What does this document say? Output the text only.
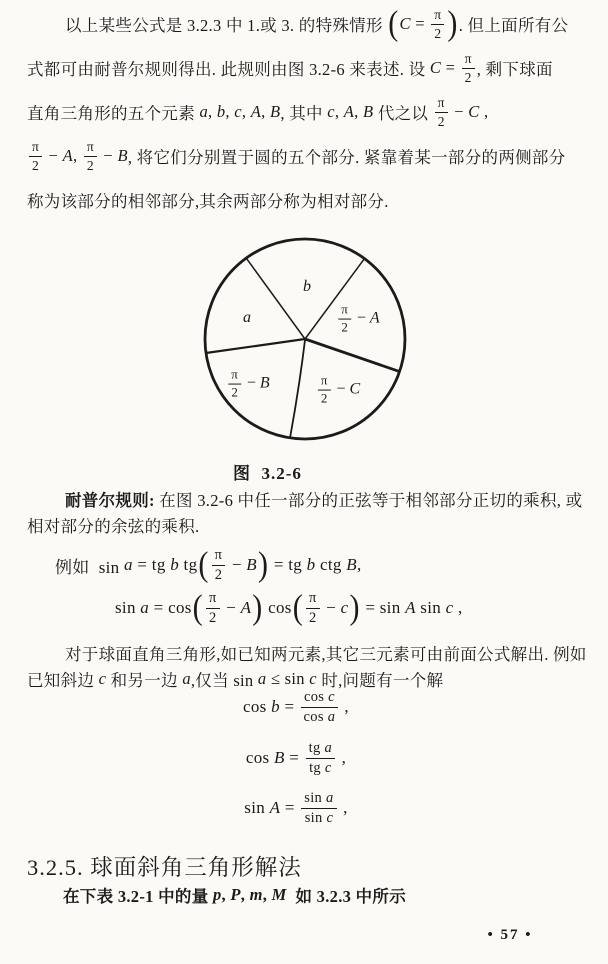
以上某些公式是 3.2.3 中 1.或 3. 的特殊情形 ( $C = \frac{\pi}{2}$ ) . 但上面所有公
式都可由耐普尔规则得出. 此规则由图 3.2-6 来表述. 设 $C = \frac{\pi}{2}$ , 剩下球面
直角三角形的五个元素 a , b , c , A , B , 其中 c , A , B 代之以 $\frac{\pi}{2} - C$ ,
$\frac{\pi}{2} - A$ , $\frac{\pi}{2} - B$ , 将它们分别置于圆的五个部分. 紧靠着某一部分的两侧部分
称为该部分的相邻部分,其余两部分称为相对部分.
b
a	$\frac{\pi}{2} - A$
$\frac{\pi}{2} - B$	$\frac{\pi}{2} - C$
图  3.2-6
耐普尔规则: 在图 3.2-6 中任一部分的正弦等于相邻部分正切的乘积, 或
相对部分的余弦的乘积.
例如  sin a = tg b tg ( $\frac{\pi}{2} - B$ ) = tg b ctg B ,
sin a = cos ( $\frac{\pi}{2} - A$ ) cos ( $\frac{\pi}{2} - c$ ) = sin A sin c ,
对于球面直角三角形,如已知两元素,其它三元素可由前面公式解出. 例如
已知斜边 c 和另一边 a ,仅当 sin a ≤ sin c 时,问题有一个解
$\cos b = \frac{\text{cos c}}{\text{cos a}}$ ,
$\cos B = \frac{\text{tg a}}{\text{tg c}}$ ,
$\sin A = \frac{\text{sin a}}{\text{sin c}}$ ,
3.2.5. 球面斜角三角形解法
在下表 3.2-1 中的量 p , P , m , M 如 3.2.3 中所示
• 57 •
